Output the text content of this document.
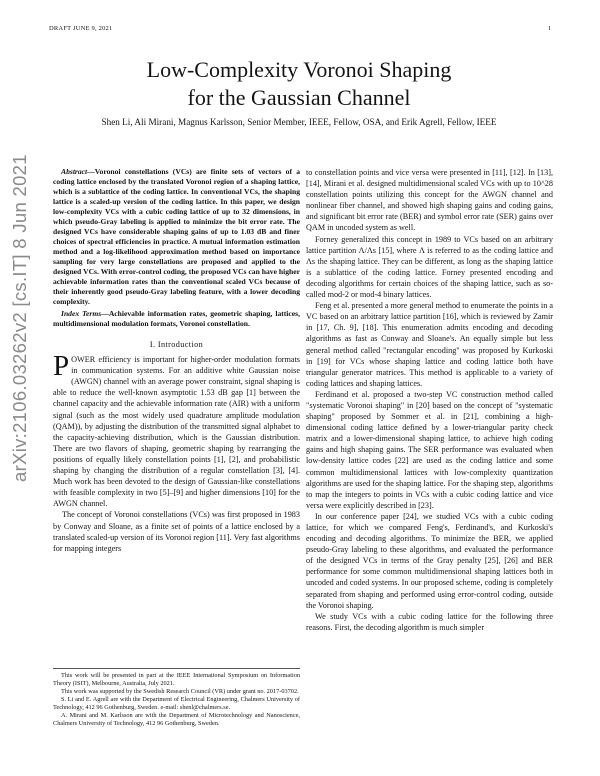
DRAFT JUNE 9, 2021	1
arXiv:2106.03262v2 [cs.IT] 8 Jun 2021
Low-Complexity Voronoi Shaping
for the Gaussian Channel
Shen Li, Ali Mirani, Magnus Karlsson, Senior Member, IEEE, Fellow, OSA, and Erik Agrell, Fellow, IEEE

Abstract—Voronoi constellations (VCs) are finite sets of vectors of a coding lattice enclosed by the translated Voronoi region of a shaping lattice, which is a sublattice of the coding lattice. In conventional VCs, the shaping lattice is a scaled-up version of the coding lattice. In this paper, we design low-complexity VCs with a cubic coding lattice of up to 32 dimensions, in which pseudo-Gray labeling is applied to minimize the bit error rate. The designed VCs have considerable shaping gains of up to 1.03 dB and finer choices of spectral efficiencies in practice. A mutual information estimation method and a log-likelihood approximation method based on importance sampling for very large constellations are proposed and applied to the designed VCs. With error-control coding, the proposed VCs can have higher achievable information rates than the conventional scaled VCs because of their inherently good pseudo-Gray labeling feature, with a lower decoding complexity.

Index Terms—Achievable information rates, geometric shaping, lattices, multidimensional modulation formats, Voronoi constellation.

I. Introduction

POWER efficiency is important for higher-order modulation formats in communication systems. For an additive white Gaussian noise (AWGN) channel with an average power constraint, signal shaping is able to reduce the well-known asymptotic 1.53 dB gap [1] between the channel capacity and the achievable information rate (AIR) with a uniform signal (such as the most widely used quadrature amplitude modulation (QAM)), by adjusting the distribution of the transmitted signal alphabet to the capacity-achieving distribution, which is the Gaussian distribution. There are two flavors of shaping, geometric shaping by rearranging the positions of equally likely constellation points [1], [2], and probabilistic shaping by changing the distribution of a regular constellation [3], [4]. Much work has been devoted to the design of Gaussian-like constellations with feasible complexity in two [5]–[9] and higher dimensions [10] for the AWGN channel.

The concept of Voronoi constellations (VCs) was first proposed in 1983 by Conway and Sloane, as a finite set of points of a lattice enclosed by a translated scaled-up version of its Voronoi region [11]. Very fast algorithms for mapping integers

This work will be presented in part at the IEEE International Symposium on Information Theory (ISIT), Melbourne, Australia, July 2021.

This work was supported by the Swedish Research Council (VR) under grant no. 2017-03702.

S. Li and E. Agrell are with the Department of Electrical Engineering, Chalmers University of Technology, 412 96 Gothenburg, Sweden. e-mail: shenl@chalmers.se.

A. Mirani and M. Karlsson are with the Department of Microtechnology and Nanoscience, Chalmers University of Technology, 412 96 Gothenburg, Sweden.

to constellation points and vice versa were presented in [11], [12]. In [13], [14], Mirani et al. designed multidimensional scaled VCs with up to 10^28 constellation points utilizing this concept for the AWGN channel and nonlinear fiber channel, and showed high shaping gains and coding gains, and significant bit error rate (BER) and symbol error rate (SER) gains over QAM in uncoded system as well.

Forney generalized this concept in 1989 to VCs based on an arbitrary lattice partition Λ/Λs [15], where Λ is referred to as the coding lattice and Λs the shaping lattice. They can be different, as long as the shaping lattice is a sublattice of the coding lattice. Forney presented encoding and decoding algorithms for certain choices of the shaping lattice, such as so-called mod-2 or mod-4 binary lattices.

Feng et al. presented a more general method to enumerate the points in a VC based on an arbitrary lattice partition [16], which is reviewed by Zamir in [17, Ch. 9], [18]. This enumeration admits encoding and decoding algorithms as fast as Conway and Sloane's. An equally simple but less general method called "rectangular encoding" was proposed by Kurkoski in [19] for VCs whose shaping lattice and coding lattice both have triangular generator matrices. This method is applicable to a variety of coding lattices and shaping lattices.

Ferdinand et al. proposed a two-step VC construction method called "systematic Voronoi shaping" in [20] based on the concept of "systematic shaping" proposed by Sommer et al. in [21], combining a high-dimensional coding lattice defined by a lower-triangular parity check matrix and a lower-dimensional shaping lattice, to achieve high coding gains and high shaping gains. The SER performance was evaluated when low-density lattice codes [22] are used as the coding lattice and some common multidimensional lattices with low-complexity quantization algorithms are used for the shaping lattice. For the shaping step, algorithms to map the integers to points in VCs with a cubic coding lattice and vice versa were explicitly described in [23].

In our conference paper [24], we studied VCs with a cubic coding lattice, for which we compared Feng's, Ferdinand's, and Kurkoski's encoding and decoding algorithms. To minimize the BER, we applied pseudo-Gray labeling to these algorithms, and evaluated the performance of the designed VCs in terms of the Gray penalty [25], [26] and BER performance for some common multidimensional shaping lattices both in uncoded and coded systems. In our proposed scheme, coding is completely separated from shaping and performed using error-control coding, outside the Voronoi shaping.

We study VCs with a cubic coding lattice for the following three reasons. First, the decoding algorithm is much simpler
